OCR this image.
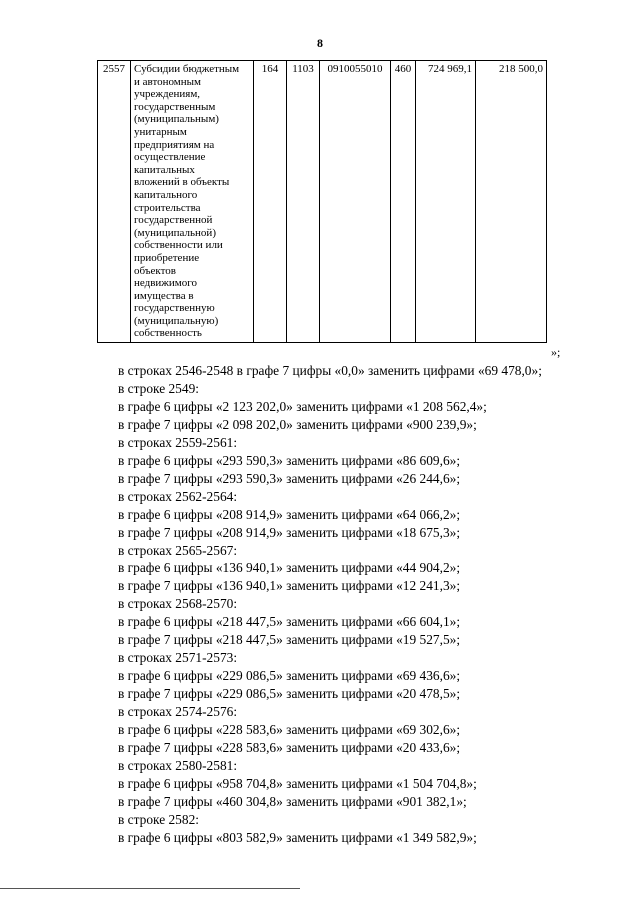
8
2557	Субсидии бюджетным
и автономным
учреждениям,
государственным
(муниципальным)
унитарным
предприятиям на
осуществление
капитальных
вложений в объекты
капитального
строительства
государственной
(муниципальной)
собственности или
приобретение
объектов
недвижимого
имущества в
государственную
(муниципальную)
собственность
	164	1103	0910055010	460	724 969,1	218 500,0
»;
в строках 2546-2548 в графе 7 цифры «0,0» заменить цифрами «69 478,0»;
в строке 2549:
в графе 6 цифры «2 123 202,0» заменить цифрами «1 208 562,4»;
в графе 7 цифры «2 098 202,0» заменить цифрами «900 239,9»;
в строках 2559-2561:
в графе 6 цифры «293 590,3» заменить цифрами «86 609,6»;
в графе 7 цифры «293 590,3» заменить цифрами «26 244,6»;
в строках 2562-2564:
в графе 6 цифры «208 914,9» заменить цифрами «64 066,2»;
в графе 7 цифры «208 914,9» заменить цифрами «18 675,3»;
в строках 2565-2567:
в графе 6 цифры «136 940,1» заменить цифрами «44 904,2»;
в графе 7 цифры «136 940,1» заменить цифрами «12 241,3»;
в строках 2568-2570:
в графе 6 цифры «218 447,5» заменить цифрами «66 604,1»;
в графе 7 цифры «218 447,5» заменить цифрами «19 527,5»;
в строках 2571-2573:
в графе 6 цифры «229 086,5» заменить цифрами «69 436,6»;
в графе 7 цифры «229 086,5» заменить цифрами «20 478,5»;
в строках 2574-2576:
в графе 6 цифры «228 583,6» заменить цифрами «69 302,6»;
в графе 7 цифры «228 583,6» заменить цифрами «20 433,6»;
в строках 2580-2581:
в графе 6 цифры «958 704,8» заменить цифрами «1 504 704,8»;
в графе 7 цифры «460 304,8» заменить цифрами «901 382,1»;
в строке 2582:
в графе 6 цифры «803 582,9» заменить цифрами «1 349 582,9»;
